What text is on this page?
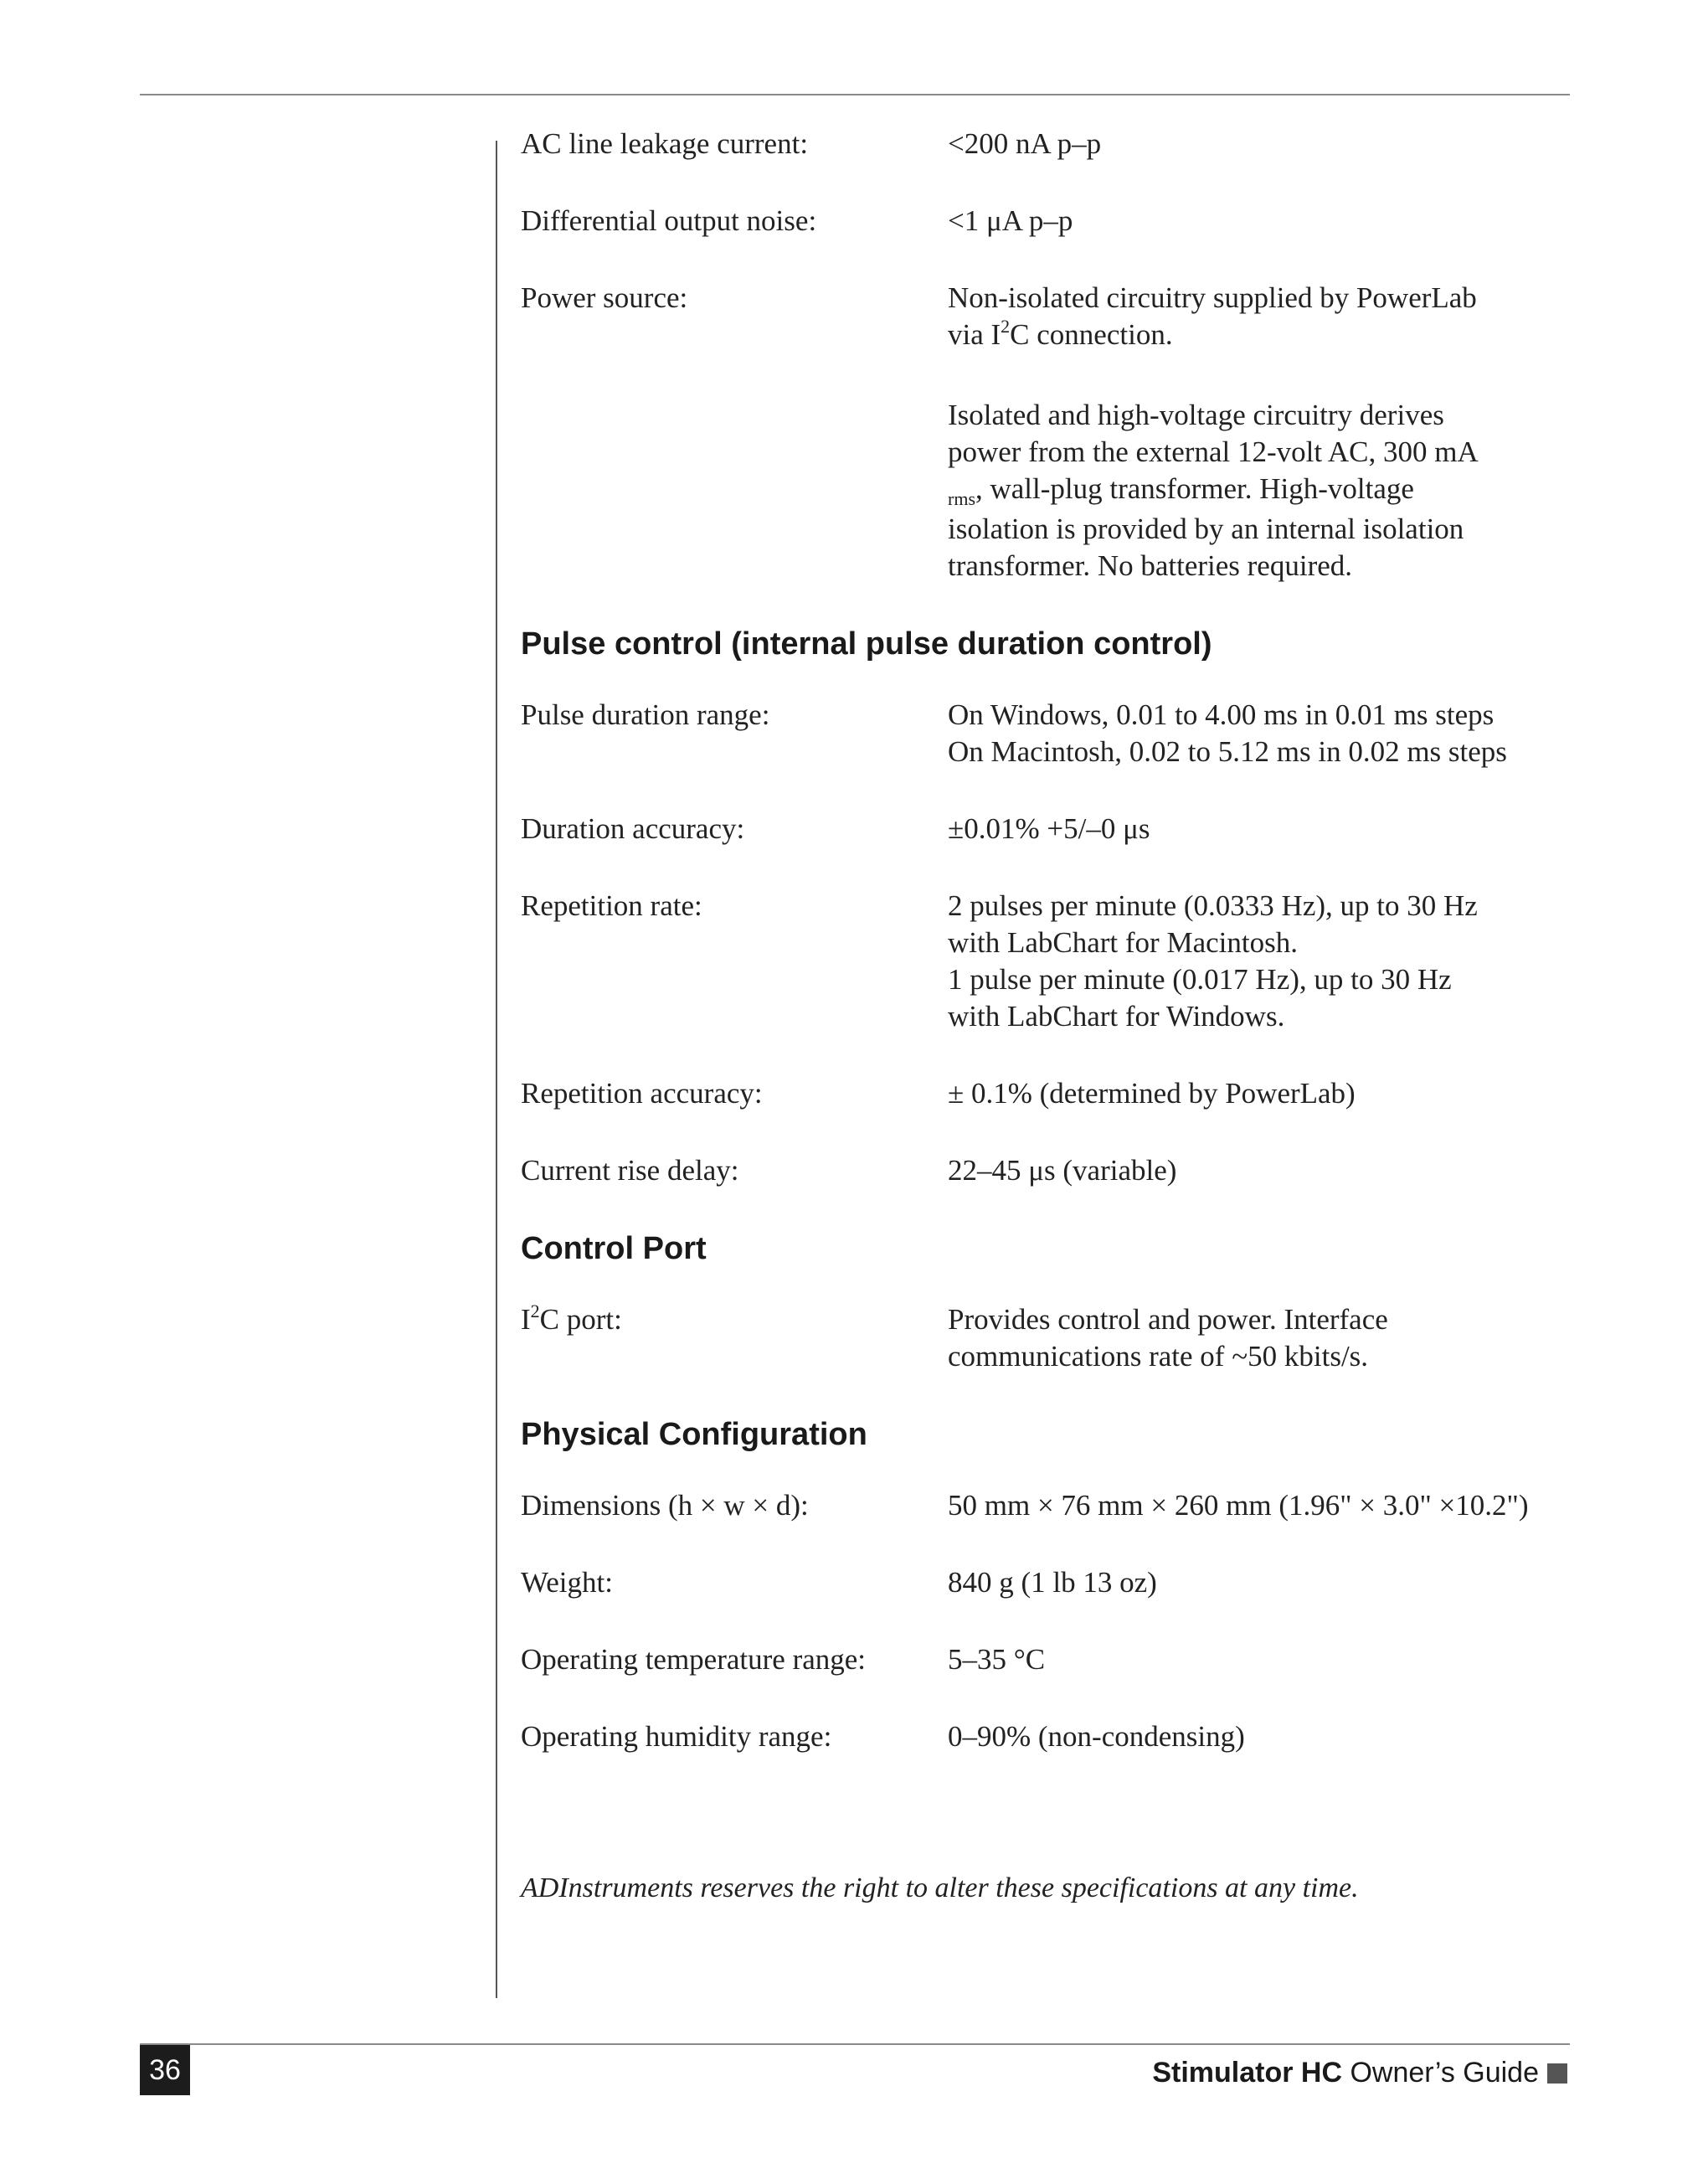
AC line leakage current:	<200 nA p–p
Differential output noise:	<1 μA p–p
Power source:	Non-isolated circuitry supplied by PowerLab
via $I^2C$ connection.
Isolated and high-voltage circuitry derives
power from the external 12-volt AC, 300 mA
$_{rms}$, wall-plug transformer. High-voltage
isolation is provided by an internal isolation
transformer. No batteries required.
Pulse control (internal pulse duration control)
Pulse duration range:	On Windows, 0.01 to 4.00 ms in 0.01 ms steps
On Macintosh, 0.02 to 5.12 ms in 0.02 ms steps
Duration accuracy:	±0.01% +5/–0 μs
Repetition rate:	2 pulses per minute (0.0333 Hz), up to 30 Hz
with LabChart for Macintosh.
1 pulse per minute (0.017 Hz), up to 30 Hz
with LabChart for Windows.
Repetition accuracy:	± 0.1% (determined by PowerLab)
Current rise delay:	22–45 μs (variable)
Control Port
$I^2C$ port:	Provides control and power. Interface
communications rate of ~50 kbits/s.
Physical Configuration
Dimensions (h × w × d):	50 mm × 76 mm × 260 mm (1.96" × 3.0" ×10.2")
Weight:	840 g (1 lb 13 oz)
Operating temperature range:	5–35 °C
Operating humidity range:	0–90% (non-condensing)
ADInstruments reserves the right to alter these specifications at any time.
36	Stimulator HC Owner’s Guide
